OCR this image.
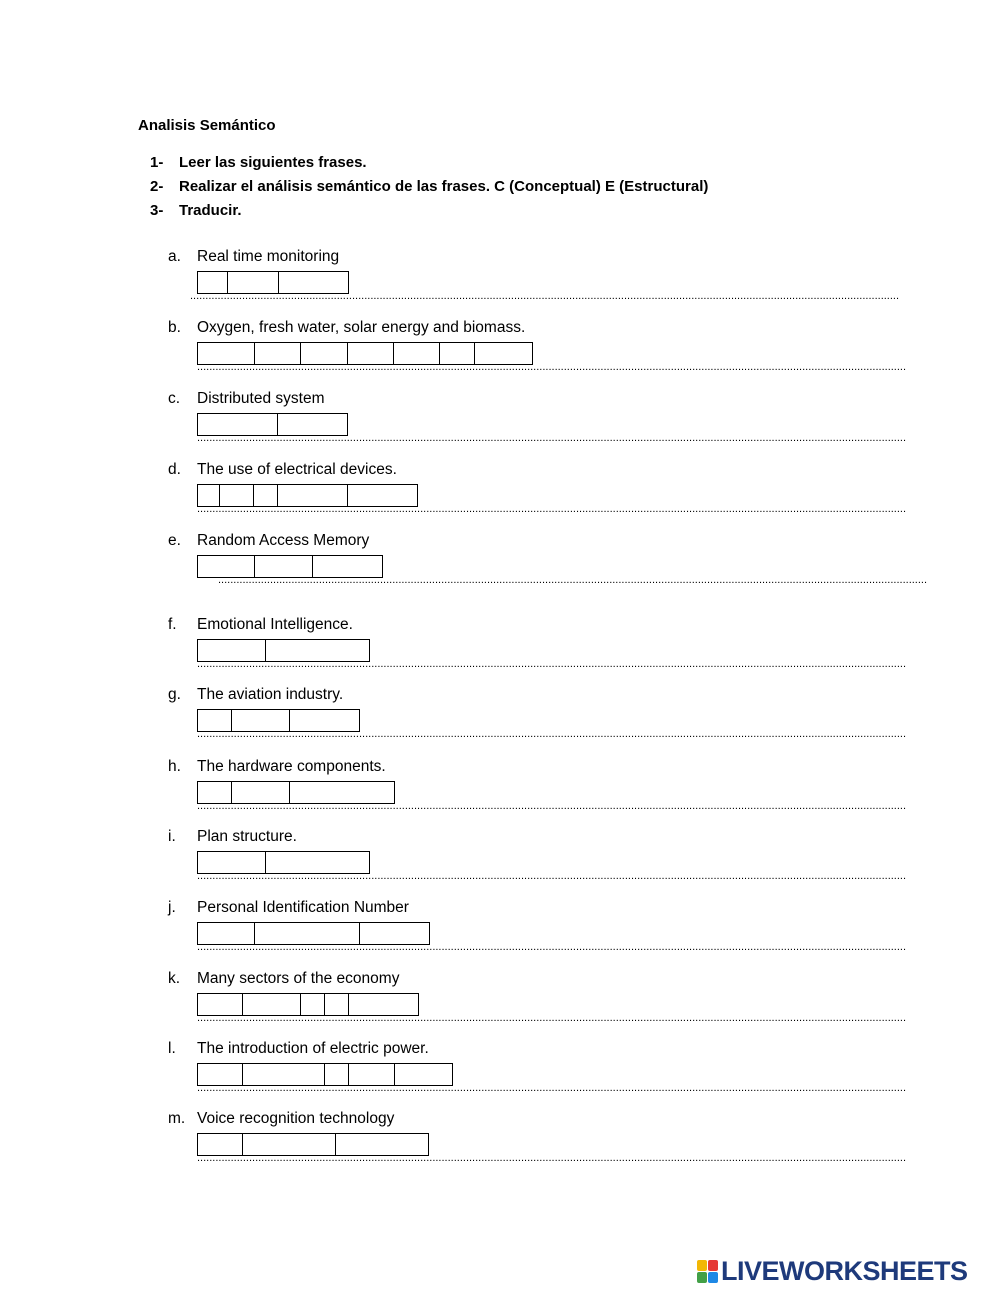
Analisis Semántico
1- Leer las siguientes frases.
2- Realizar el análisis semántico de las frases. C (Conceptual) E (Estructural)
3- Traducir.
a. Real time monitoring
........................................................................................................................................................................................................................................
b. Oxygen, fresh water, solar energy and biomass.
........................................................................................................................................................................................................................................
c. Distributed system
........................................................................................................................................................................................................................................
d. The use of electrical devices.
........................................................................................................................................................................................................................................
e. Random Access Memory
........................................................................................................................................................................................................................................
f. Emotional Intelligence.
........................................................................................................................................................................................................................................
g. The aviation industry.
........................................................................................................................................................................................................................................
h. The hardware components.
........................................................................................................................................................................................................................................
i. Plan structure.
........................................................................................................................................................................................................................................
j. Personal Identification Number
........................................................................................................................................................................................................................................
k. Many sectors of the economy
........................................................................................................................................................................................................................................
l. The introduction of electric power.
........................................................................................................................................................................................................................................
m. Voice recognition technology
........................................................................................................................................................................................................................................
LIVEWORKSHEETS
